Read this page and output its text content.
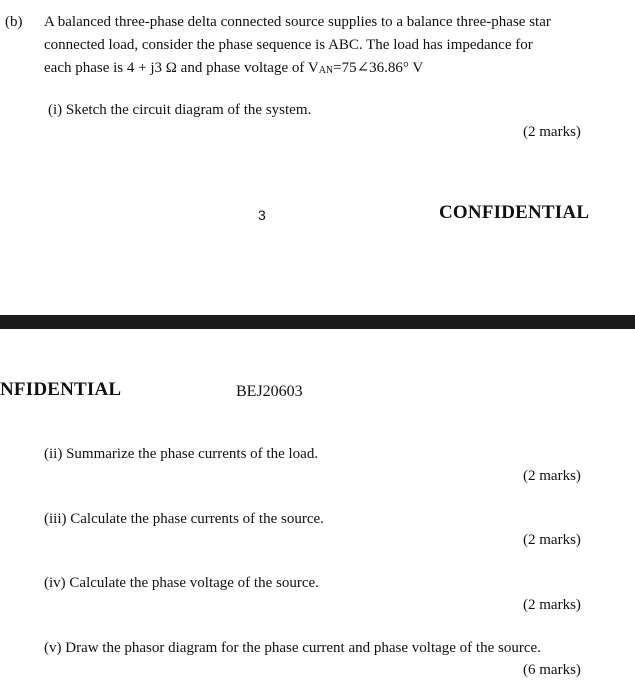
(b) A balanced three-phase delta connected source supplies to a balance three-phase star
connected load, consider the phase sequence is ABC. The load has impedance for
each phase is 4 + j3 Ω and phase voltage of VAN=75∠36.86° V
(i) Sketch the circuit diagram of the system.
(2 marks)
3	CONFIDENTIAL
NFIDENTIAL	BEJ20603
(ii) Summarize the phase currents of the load.
(2 marks)
(iii) Calculate the phase currents of the source.
(2 marks)
(iv) Calculate the phase voltage of the source.
(2 marks)
(v) Draw the phasor diagram for the phase current and phase voltage of the source.
(6 marks)
